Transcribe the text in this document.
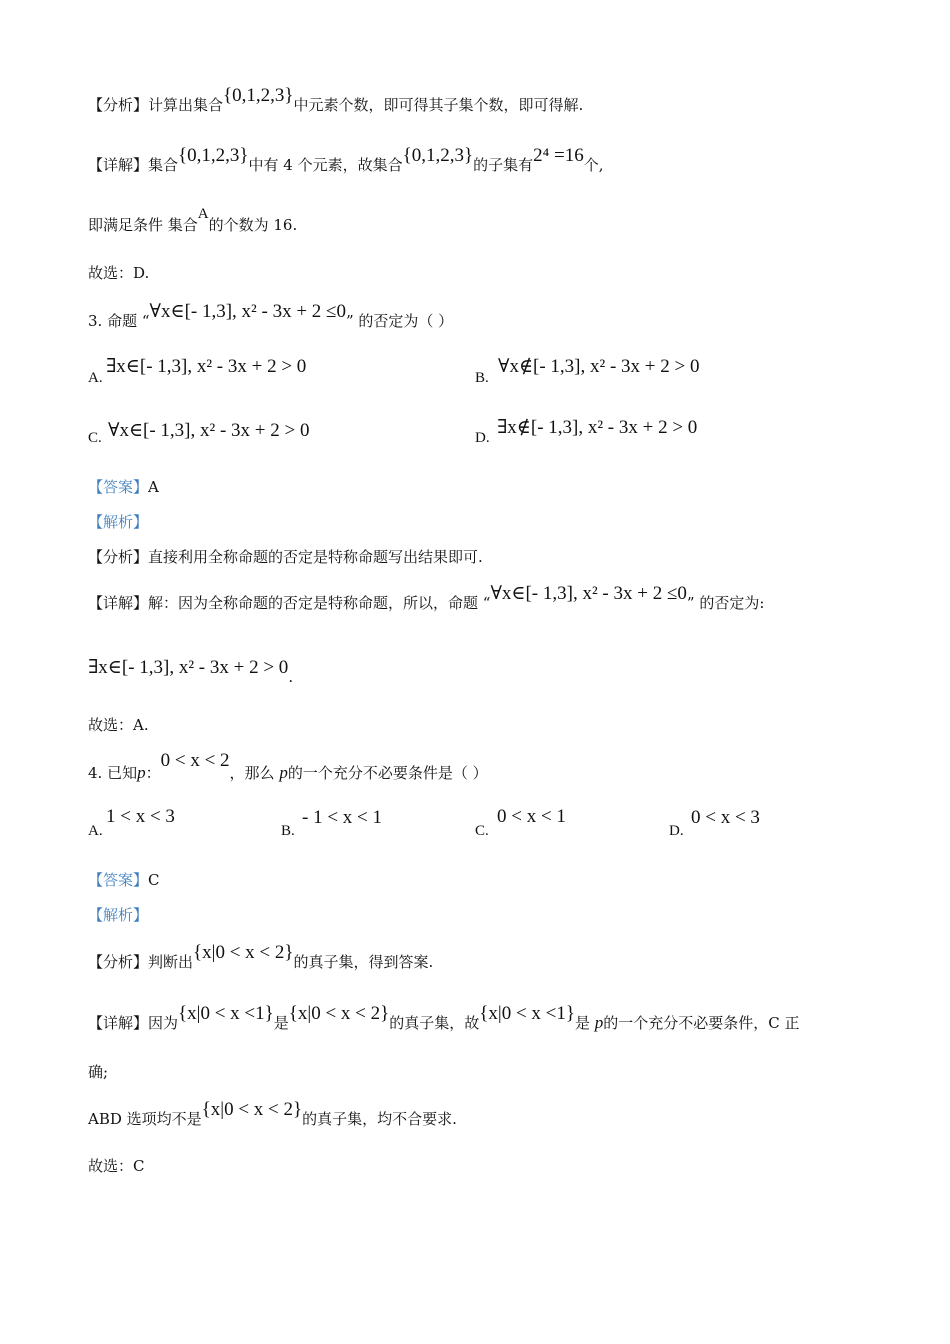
【分析】计算出集合{0,1,2,3}中元素个数，即可得其子集个数，即可得解.
【详解】集合{0,1,2,3}中有 4 个元素，故集合{0,1,2,3}的子集有2⁴ =16个,
即满足条件 集合A的个数为 16.
故选：D.
3. 命题 “∀x∈[- 1,3], x² - 3x + 2 ≤0” 的否定为（ ）
A.
∃x∈[- 1,3], x² - 3x + 2 > 0
B.
∀x∉[- 1,3], x² - 3x + 2 > 0
C. ∀x∈[- 1,3], x² - 3x + 2 > 0	D. ∃x∉[- 1,3], x² - 3x + 2 > 0
【答案】A
【解析】
【分析】直接利用全称命题的否定是特称命题写出结果即可.
【详解】解：因为全称命题的否定是特称命题，所以，命题 “∀x∈[- 1,3], x² - 3x + 2 ≤0” 的否定为:
∃x∈[- 1,3], x² - 3x + 2 > 0.
故选：A.
4. 已知p：0 < x < 2，那么 p的一个充分不必要条件是（ ）
A.
1 < x < 3
B.
- 1 < x < 1
C.
0 < x < 1
D.
0 < x < 3
【答案】C
【解析】
【分析】判断出{x|0 < x < 2}的真子集，得到答案.
【详解】因为{x|0 < x <1}是{x|0 < x < 2}的真子集，故{x|0 < x <1}是 p的一个充分不必要条件，C 正
确;
ABD 选项均不是{x|0 < x < 2}的真子集，均不合要求.
故选：C
